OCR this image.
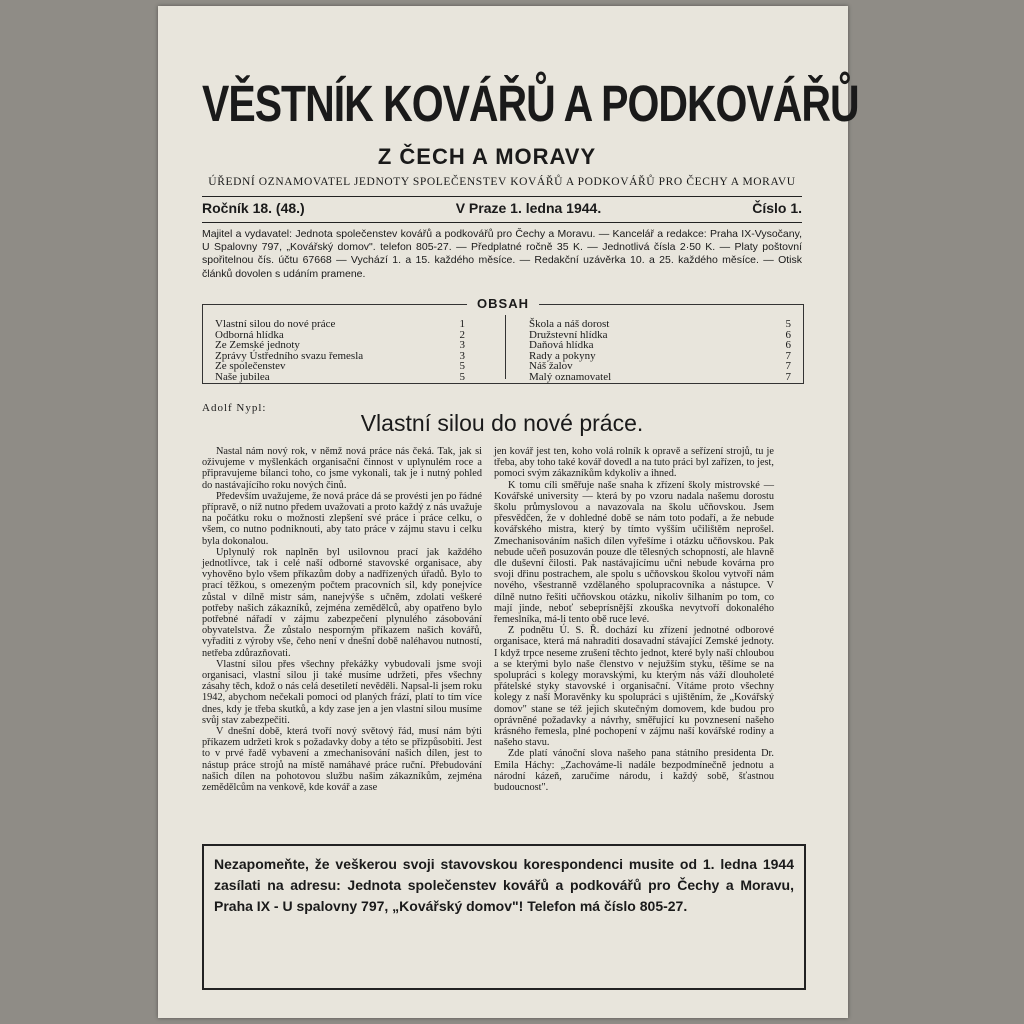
VĚSTNÍK KOVÁŘŮ A PODKOVÁŘŮ
Z ČECH A MORAVY
ÚŘEDNÍ OZNAMOVATEL JEDNOTY SPOLEČENSTEV KOVÁŘŮ A PODKOVÁŘŮ PRO ČECHY A MORAVU
Ročník 18. (48.)	V Praze 1. ledna 1944.	Číslo 1.
Majitel a vydavatel: Jednota společenstev kovářů a podkovářů pro Čechy a Moravu. — Kancelář a redakce: Praha IX-Vysočany, U Spalovny 797, „Kovářský domov". telefon 805-27. — Předplatné ročně 35 K. — Jednotlivá čísla 2·50 K. — Platy poštovní spořitelnou čís. účtu 67668 — Vychází 1. a 15. každého měsíce. — Redakční uzávěrka 10. a 25. každého měsíce. — Otisk článků dovolen s udáním pramene.
OBSAH
Vlastní silou do nové práce	1
Odborná hlídka	2
Ze Zemské jednoty	3
Zprávy Ústředního svazu řemesla	3
Ze společenstev	5
Naše jubilea	5
Škola a náš dorost	5
Družstevní hlídka	6
Daňová hlídka	6
Rady a pokyny	7
Náš žalov	7
Malý oznamovatel	7
Adolf Nypl:
Vlastní silou do nové práce.

Nastal nám nový rok, v němž nová práce nás čeká. Tak, jak si oživujeme v myšlenkách organisační činnost v uplynulém roce a připravujeme bilanci toho, co jsme vykonali, tak je i nutný pohled do nastávajícího roku nových činů.

Především uvažujeme, že nová práce dá se provésti jen po řádné přípravě, o níž nutno předem uvažovati a proto každý z nás uvažuje na počátku roku o možnosti zlepšení své práce i práce celku, o všem, co nutno podniknouti, aby tato práce v zájmu stavu i celku byla dokonalou.

Uplynulý rok naplněn byl usilovnou prací jak každého jednotlivce, tak i celé naší odborné stavovské organisace, aby vyhověno bylo všem příkazům doby a nadřízených úřadů. Bylo to prací těžkou, s omezeným počtem pracovních sil, kdy ponejvíce zůstal v dílně mistr sám, nanejvýše s učněm, zdolati veškeré potřeby našich zákazníků, zejména zemědělců, aby opatřeno bylo potřebné nářadí v zájmu zabezpečení plynulého zásobování obyvatelstva. Že zůstalo nesporným příkazem našich kovářů, vyřaditi z výroby vše, čeho není v dnešní době naléhavou nutností, netřeba zdůrazňovati.

Vlastní silou přes všechny překážky vybudovali jsme svoji organisaci, vlastní silou ji také musíme udržeti, přes všechny zásahy těch, kdož o nás celá desetiletí nevěděli. Napsal-li jsem roku 1942, abychom nečekali pomoci od planých frází, platí to tím více dnes, kdy je třeba skutků, a kdy zase jen a jen vlastní silou musíme svůj stav zabezpečiti.

V dnešní době, která tvoří nový světový řád, musí nám býti příkazem udržeti krok s požadavky doby a této se přizpůsobiti. Jest to v prvé řadě vybavení a zmechanisování našich dílen, jest to nástup práce strojů na místě namáhavé práce ruční. Přebudování našich dílen na pohotovou službu našim zákazníkům, zejména zemědělcům na venkově, kde kovář a zase

jen kovář jest ten, koho volá rolník k opravě a seřízení strojů, tu je třeba, aby toho také kovář dovedl a na tuto práci byl zařízen, to jest, pomoci svým zákazníkům kdykoliv a ihned.

K tomu cíli směřuje naše snaha k zřízení školy mistrovské — Kovářské university — která by po vzoru nadala našemu dorostu školu průmyslovou a navazovala na školu učňovskou. Jsem přesvědčen, že v dohledné době se nám toto podaří, a že nebude kovářského mistra, který by tímto vyšším učilištěm neprošel. Zmechanisováním našich dílen vyřešíme i otázku učňovskou. Pak nebude učeň posuzován pouze dle tělesných schopností, ale hlavně dle duševní čilosti. Pak nastávajícímu učni nebude kovárna pro svoji dřinu postrachem, ale spolu s učňovskou školou vytvoří nám nového, všestranně vzdělaného spolupracovníka a nástupce. V dílně nutno řešiti učňovskou otázku, nikoliv šilhaním po tom, co mají jinde, neboť sebeprísnější zkouška nevytvoří dokonalého řemeslníka, má-li tento obě ruce levé.

Z podnětu Ú. S. Ř. dochází ku zřízení jednotné odborové organisace, která má nahraditi dosavadní stávající Zemské jednoty. I když trpce neseme zrušení těchto jednot, které byly naší chloubou a se kterými bylo naše členstvo v nejužším styku, těšíme se na spolupráci s kolegy moravskými, ku kterým nás váží dlouholeté přátelské styky stavovské i organisační. Vítáme proto všechny kolegy z naší Moravěnky ku spolupráci s ujištěním, že „Kovářský domov" stane se též jejich skutečným domovem, kde budou pro oprávněné požadavky a návrhy, směřující ku povznesení našeho krásného řemesla, plné pochopení v zájmu naší kovářské rodiny a našeho stavu.

Zde platí vánoční slova našeho pana státního presidenta Dr. Emila Háchy: „Zachováme-li nadále bezpodmínečně jednotu a národní kázeň, zaručíme národu, i každý sobě, šťastnou budoucnost".

Nezapomeňte, že veškerou svoji stavovskou korespondenci musite od 1. ledna 1944 zasílati na adresu: Jednota společenstev kovářů a podkovářů pro Čechy a Moravu, Praha IX - U spalovny 797, „Kovářský domov"! Telefon má číslo 805-27.
